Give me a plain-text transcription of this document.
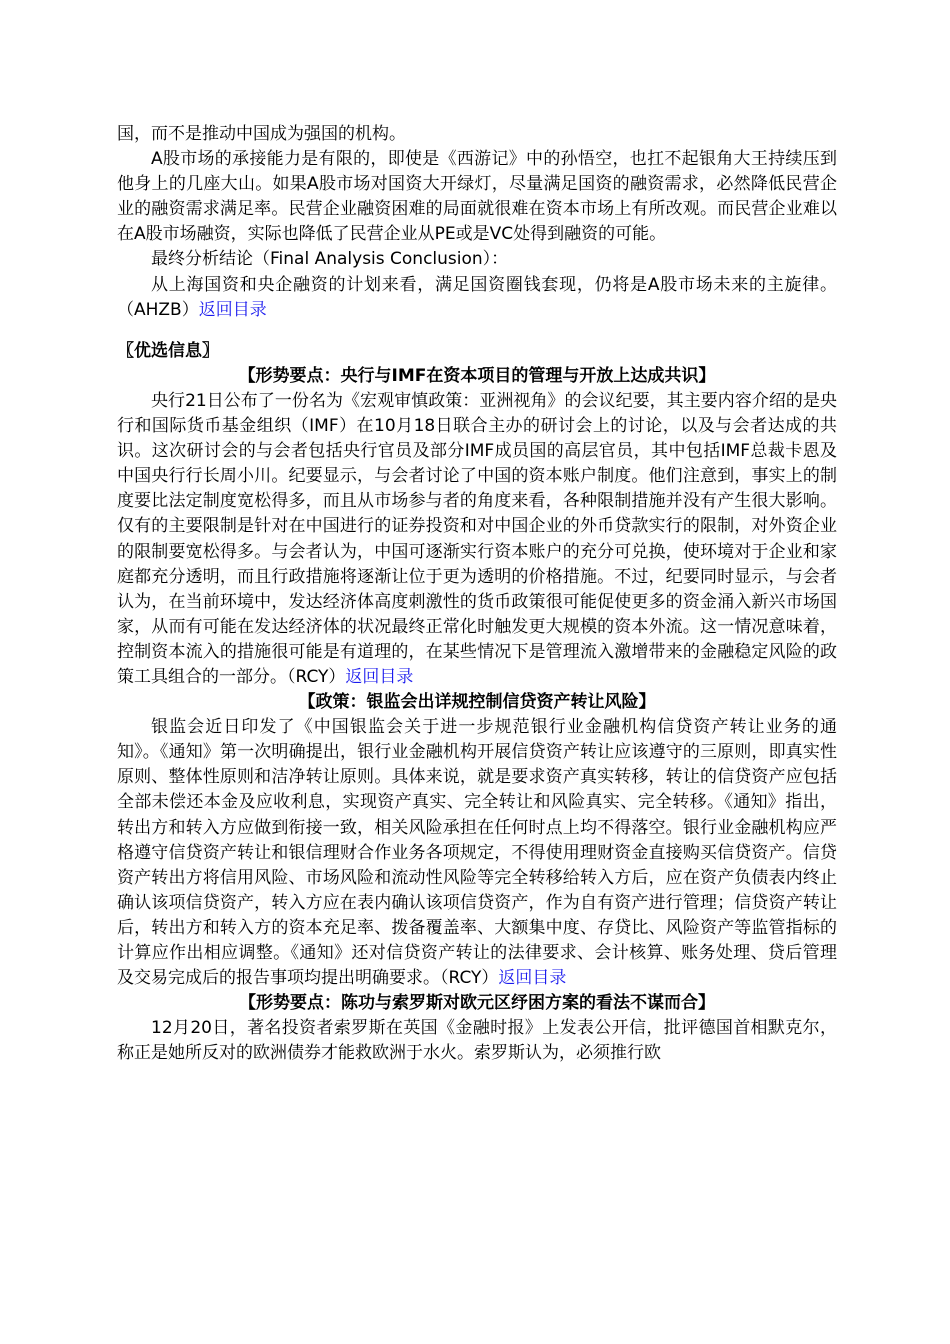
国，而不是推动中国成为强国的机构。

A股市场的承接能力是有限的，即使是《西游记》中的孙悟空，也扛不起银角大王持续压到他身上的几座大山。如果A股市场对国资大开绿灯，尽量满足国资的融资需求，必然降低民营企业的融资需求满足率。民营企业融资困难的局面就很难在资本市场上有所改观。而民营企业难以在A股市场融资，实际也降低了民营企业从PE或是VC处得到融资的可能。

最终分析结论（Final Analysis Conclusion）：

从上海国资和央企融资的计划来看，满足国资圈钱套现，仍将是A股市场未来的主旋律。（AHZB）返回目录

〖优选信息〗

【形势要点：央行与IMF在资本项目的管理与开放上达成共识】

央行21日公布了一份名为《宏观审慎政策：亚洲视角》的会议纪要，其主要内容介绍的是央行和国际货币基金组织（IMF）在10月18日联合主办的研讨会上的讨论，以及与会者达成的共识。这次研讨会的与会者包括央行官员及部分IMF成员国的高层官员，其中包括IMF总裁卡恩及中国央行行长周小川。纪要显示，与会者讨论了中国的资本账户制度。他们注意到，事实上的制度要比法定制度宽松得多，而且从市场参与者的角度来看，各种限制措施并没有产生很大影响。仅有的主要限制是针对在中国进行的证券投资和对中国企业的外币贷款实行的限制，对外资企业的限制要宽松得多。与会者认为，中国可逐渐实行资本账户的充分可兑换，使环境对于企业和家庭都充分透明，而且行政措施将逐渐让位于更为透明的价格措施。不过，纪要同时显示，与会者认为，在当前环境中，发达经济体高度刺激性的货币政策很可能促使更多的资金涌入新兴市场国家，从而有可能在发达经济体的状况最终正常化时触发更大规模的资本外流。这一情况意味着，控制资本流入的措施很可能是有道理的，在某些情况下是管理流入激增带来的金融稳定风险的政策工具组合的一部分。（RCY）返回目录

【政策：银监会出详规控制信贷资产转让风险】

银监会近日印发了《中国银监会关于进一步规范银行业金融机构信贷资产转让业务的通知》。《通知》第一次明确提出，银行业金融机构开展信贷资产转让应该遵守的三原则，即真实性原则、整体性原则和洁净转让原则。具体来说，就是要求资产真实转移，转让的信贷资产应包括全部未偿还本金及应收利息，实现资产真实、完全转让和风险真实、完全转移。《通知》指出，转出方和转入方应做到衔接一致，相关风险承担在任何时点上均不得落空。银行业金融机构应严格遵守信贷资产转让和银信理财合作业务各项规定，不得使用理财资金直接购买信贷资产。信贷资产转出方将信用风险、市场风险和流动性风险等完全转移给转入方后，应在资产负债表内终止确认该项信贷资产，转入方应在表内确认该项信贷资产，作为自有资产进行管理；信贷资产转让后，转出方和转入方的资本充足率、拨备覆盖率、大额集中度、存贷比、风险资产等监管指标的计算应作出相应调整。《通知》还对信贷资产转让的法律要求、会计核算、账务处理、贷后管理及交易完成后的报告事项均提出明确要求。（RCY）返回目录

【形势要点：陈功与索罗斯对欧元区纾困方案的看法不谋而合】

12月20日，著名投资者索罗斯在英国《金融时报》上发表公开信，批评德国首相默克尔，称正是她所反对的欧洲债券才能救欧洲于水火。索罗斯认为，必须推行欧
